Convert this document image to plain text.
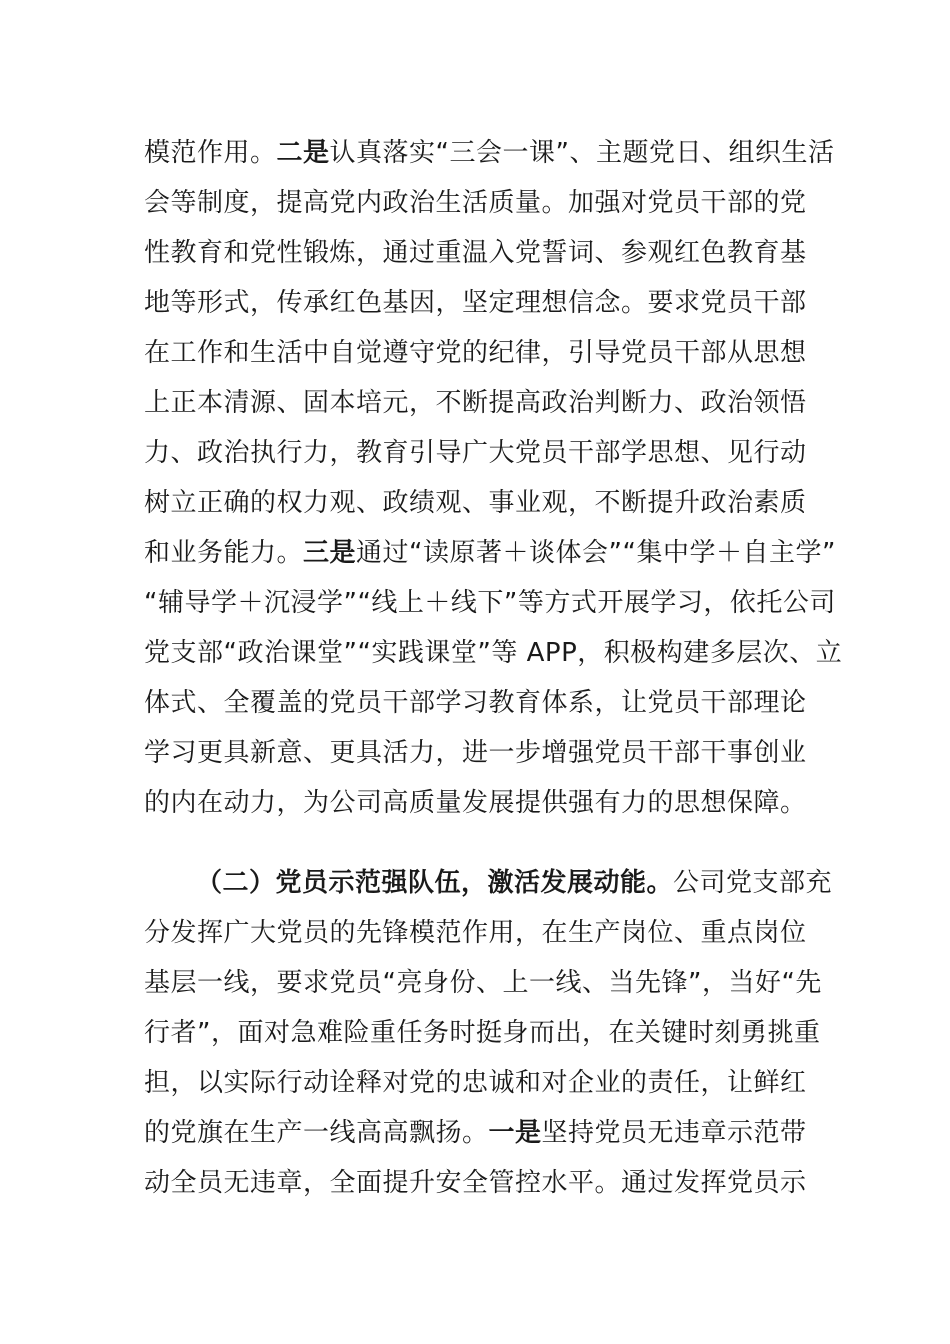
模范作用。二是认真落实“三会一课”、主题党日、组织生活
会等制度，提高党内政治生活质量。加强对党员干部的党
性教育和党性锻炼，通过重温入党誓词、参观红色教育基
地等形式，传承红色基因，坚定理想信念。要求党员干部
在工作和生活中自觉遵守党的纪律，引导党员干部从思想
上正本清源、固本培元，不断提高政治判断力、政治领悟
力、政治执行力，教育引导广大党员干部学思想、见行动
树立正确的权力观、政绩观、事业观，不断提升政治素质
和业务能力。三是通过“读原著＋谈体会”“集中学＋自主学”
“辅导学＋沉浸学”“线上＋线下”等方式开展学习，依托公司
党支部“政治课堂”“实践课堂”等 APP，积极构建多层次、立
体式、全覆盖的党员干部学习教育体系，让党员干部理论
学习更具新意、更具活力，进一步增强党员干部干事创业
的内在动力，为公司高质量发展提供强有力的思想保障。
（二）党员示范强队伍，激活发展动能。公司党支部充
分发挥广大党员的先锋模范作用，在生产岗位、重点岗位
基层一线，要求党员“亮身份、上一线、当先锋”，当好“先
行者”，面对急难险重任务时挺身而出，在关键时刻勇挑重
担，以实际行动诠释对党的忠诚和对企业的责任，让鲜红
的党旗在生产一线高高飘扬。一是坚持党员无违章示范带
动全员无违章，全面提升安全管控水平。通过发挥党员示
